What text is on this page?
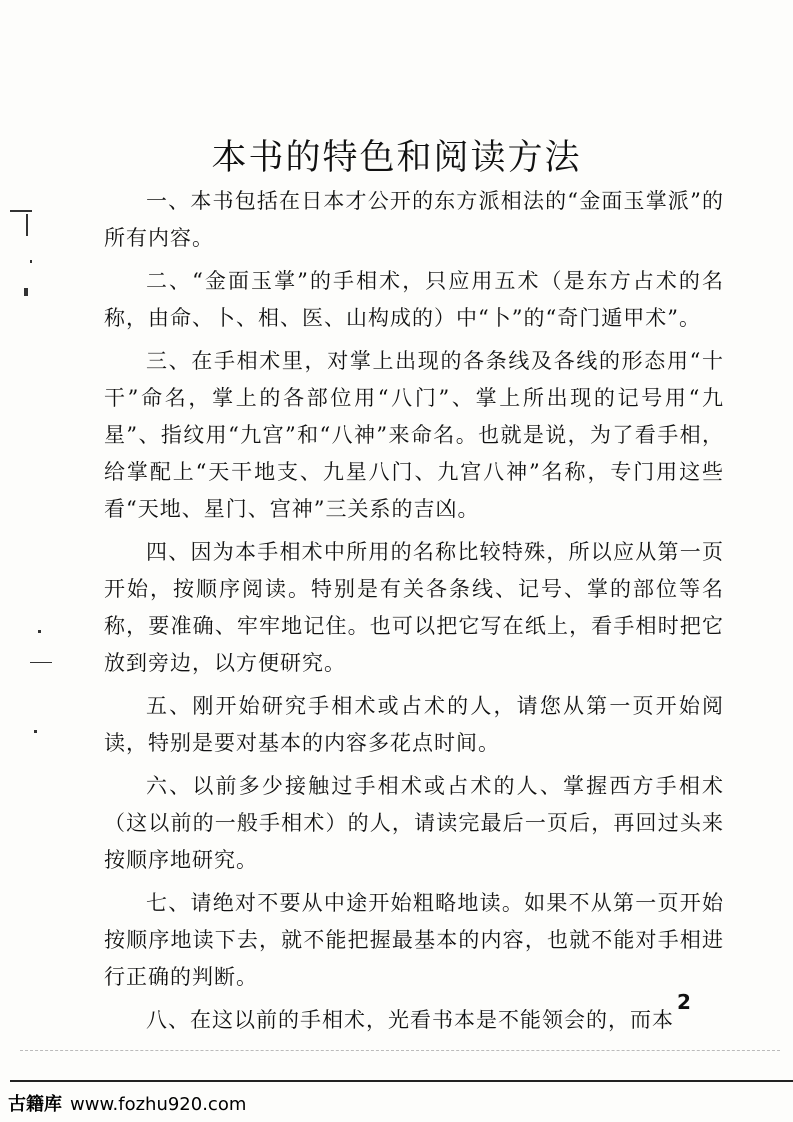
本书的特色和阅读方法

一、本书包括在日本才公开的东方派相法的“金面玉掌派”的所有内容。

二、“金面玉掌”的手相术，只应用五术（是东方占术的名称，由命、卜、相、医、山构成的）中“卜”的“奇门遁甲术”。

三、在手相术里，对掌上出现的各条线及各线的形态用“十干”命名，掌上的各部位用“八门”、掌上所出现的记号用“九星”、指纹用“九宫”和“八神”来命名。也就是说，为了看手相，给掌配上“天干地支、九星八门、九宫八神”名称，专门用这些看“天地、星门、宫神”三关系的吉凶。

四、因为本手相术中所用的名称比较特殊，所以应从第一页开始，按顺序阅读。特别是有关各条线、记号、掌的部位等名称，要准确、牢牢地记住。也可以把它写在纸上，看手相时把它放到旁边，以方便研究。

五、刚开始研究手相术或占术的人，请您从第一页开始阅读，特别是要对基本的内容多花点时间。

六、以前多少接触过手相术或占术的人、掌握西方手相术（这以前的一般手相术）的人，请读完最后一页后，再回过头来按顺序地研究。

七、请绝对不要从中途开始粗略地读。如果不从第一页开始按顺序地读下去，就不能把握最基本的内容，也就不能对手相进行正确的判断。

八、在这以前的手相术，光看书本是不能领会的，而本

2
古籍库 www.fozhu920.com
